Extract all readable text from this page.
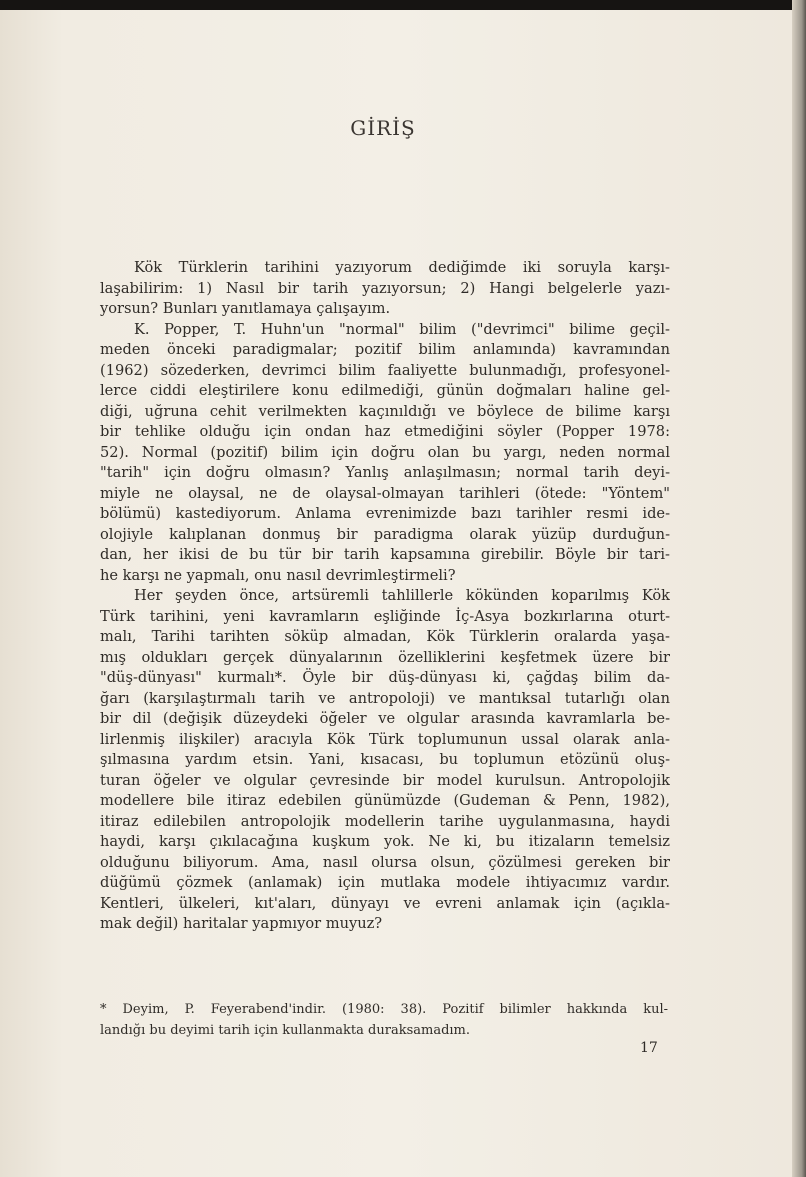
GİRİŞ
Kök Türklerin tarihini yazıyorum dediğimde iki soruyla karşı-
laşabilirim: 1) Nasıl bir tarih yazıyorsun; 2) Hangi belgelerle yazı-
yorsun? Bunları yanıtlamaya çalışayım.
K. Popper, T. Huhn'un "normal" bilim ("devrimci" bilime geçil-
meden önceki paradigmalar; pozitif bilim anlamında) kavramından
(1962) sözederken, devrimci bilim faaliyette bulunmadığı, profesyonel-
lerce ciddi eleştirilere konu edilmediği, günün doğmaları haline gel-
diği, uğruna cehit verilmekten kaçınıldığı ve böylece de bilime karşı
bir tehlike olduğu için ondan haz etmediğini söyler (Popper 1978:
52). Normal (pozitif) bilim için doğru olan bu yargı, neden normal
"tarih" için doğru olmasın? Yanlış anlaşılmasın; normal tarih deyi-
miyle ne olaysal, ne de olaysal-olmayan tarihleri (ötede: "Yöntem"
bölümü) kastediyorum. Anlama evrenimizde bazı tarihler resmi ide-
olojiyle kalıplanan donmuş bir paradigma olarak yüzüp durduğun-
dan, her ikisi de bu tür bir tarih kapsamına girebilir. Böyle bir tari-
he karşı ne yapmalı, onu nasıl devrimleştirmeli?
Her şeyden önce, artsüremli tahlillerle kökünden koparılmış Kök
Türk tarihini, yeni kavramların eşliğinde İç-Asya bozkırlarına oturt-
malı, Tarihi tarihten söküp almadan, Kök Türklerin oralarda yaşa-
mış oldukları gerçek dünyalarının özelliklerini keşfetmek üzere bir
"düş-dünyası" kurmalı*. Öyle bir düş-dünyası ki, çağdaş bilim da-
ğarı (karşılaştırmalı tarih ve antropoloji) ve mantıksal tutarlığı olan
bir dil (değişik düzeydeki öğeler ve olgular arasında kavramlarla be-
lirlenmiş ilişkiler) aracıyla Kök Türk toplumunun ussal olarak anla-
şılmasına yardım etsin. Yani, kısacası, bu toplumun etözünü oluş-
turan öğeler ve olgular çevresinde bir model kurulsun. Antropolojik
modellere bile itiraz edebilen günümüzde (Gudeman & Penn, 1982),
itiraz edilebilen antropolojik modellerin tarihe uygulanmasına, haydi
haydi, karşı çıkılacağına kuşkum yok. Ne ki, bu itizaların temelsiz
olduğunu biliyorum. Ama, nasıl olursa olsun, çözülmesi gereken bir
düğümü çözmek (anlamak) için mutlaka modele ihtiyacımız vardır.
Kentleri, ülkeleri, kıt'aları, dünyayı ve evreni anlamak için (açıkla-
mak değil) haritalar yapmıyor muyuz?
* Deyim, P. Feyerabend'indir. (1980: 38). Pozitif bilimler hakkında kul-
landığı bu deyimi tarih için kullanmakta duraksamadım.
17
